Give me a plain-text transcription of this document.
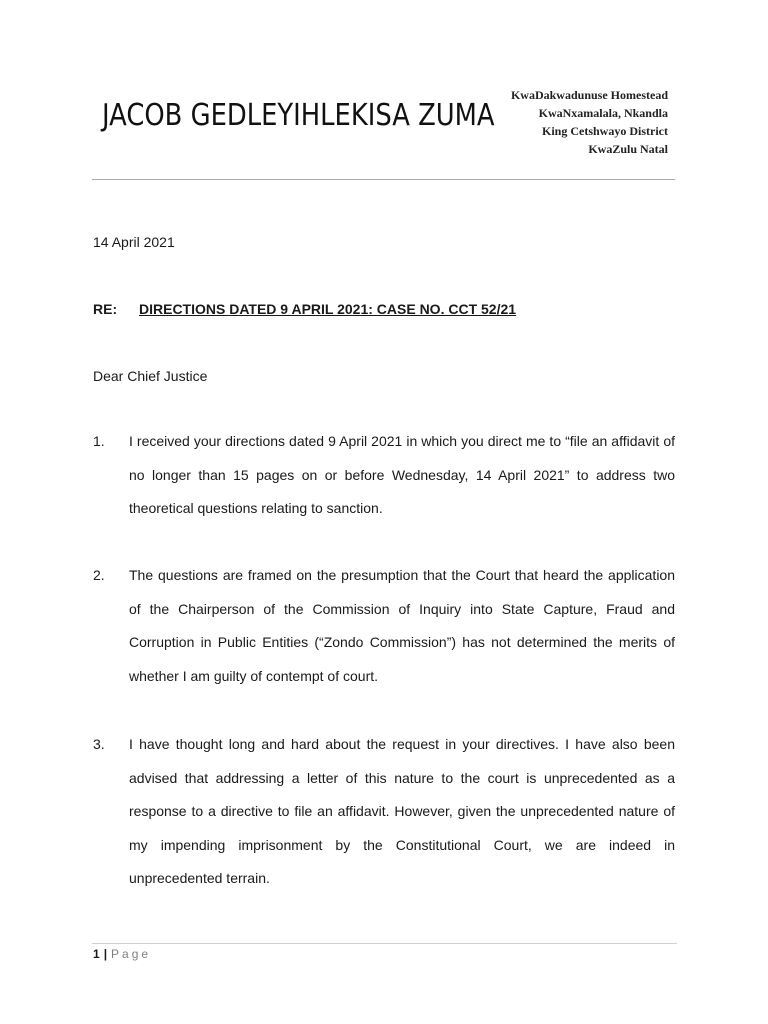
JACOB GEDLEYIHLEKISA ZUMA
KwaDakwadunuse Homestead
KwaNxamalala, Nkandla
King Cetshwayo District
KwaZulu Natal
14 April 2021
RE: DIRECTIONS DATED 9 APRIL 2021: CASE NO. CCT 52/21
Dear Chief Justice
1. I received your directions dated 9 April 2021 in which you direct me to “file an affidavit of no longer than 15 pages on or before Wednesday, 14 April 2021” to address two theoretical questions relating to sanction.
2. The questions are framed on the presumption that the Court that heard the application of the Chairperson of the Commission of Inquiry into State Capture, Fraud and Corruption in Public Entities (“Zondo Commission”) has not determined the merits of whether I am guilty of contempt of court.
3. I have thought long and hard about the request in your directives. I have also been advised that addressing a letter of this nature to the court is unprecedented as a response to a directive to file an affidavit. However, given the unprecedented nature of my impending imprisonment by the Constitutional Court, we are indeed in unprecedented terrain.
1 | Page
